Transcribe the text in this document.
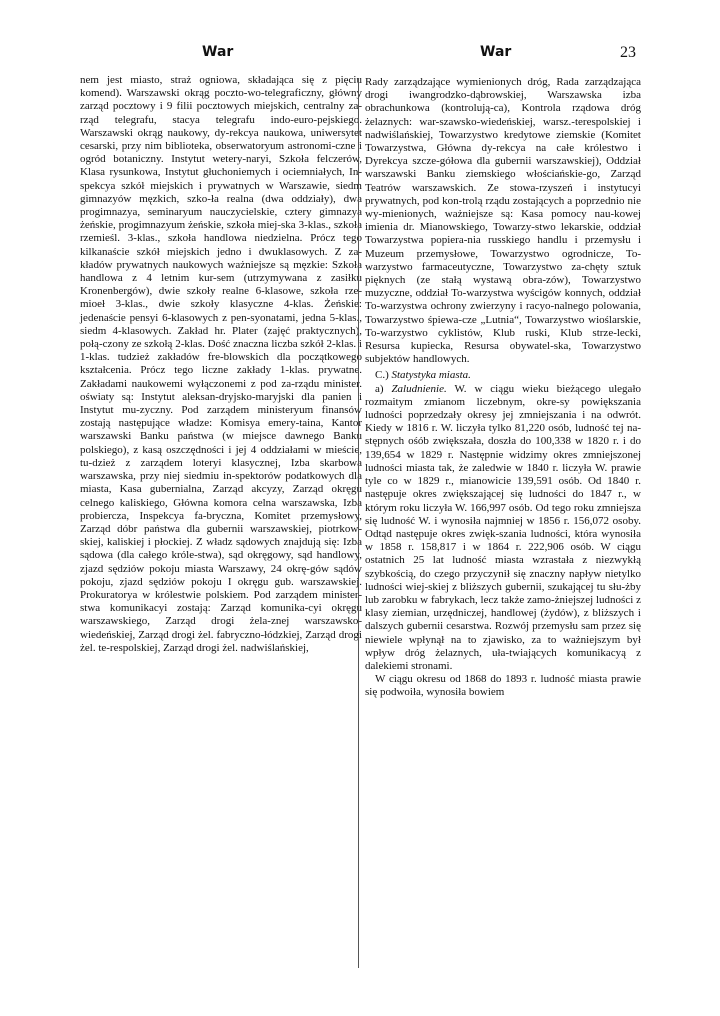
War	War	23

nem jest miasto, straż ogniowa, składająca się z pięciu komend). Warszawski okrąg poczto-wo-telegraficzny, główny zarząd pocztowy i 9 filii pocztowych miejskich, centralny za-rząd telegrafu, stacya telegrafu indo-euro-pejskiego. Warszawski okrąg naukowy, dy-rekcya naukowa, uniwersytet cesarski, przy nim biblioteka, obserwatoryum astronomi-czne i ogród botaniczny. Instytut wetery-naryi, Szkoła felczerów, Klasa rysunkowa, Instytut głuchoniemych i ociemniałych, In-spekcya szkół miejskich i prywatnych w Warszawie, siedm gimnazyów męzkich, szko-ła realna (dwa oddziały), dwa progimnazya, seminaryum nauczycielskie, cztery gimnazya żeńskie, progimnazyum żeńskie, szkoła miej-ska 3-klas., szkoła rzemieśl. 3-klas., szkoła handlowa niedzielna. Prócz tego kilkanaście szkół miejskich jedno i dwuklasowych. Z za-kładów prywatnych naukowych ważniejsze są męzkie: Szkoła handlowa z 4 letnim kur-sem (utrzymywana z zasiłku Kronenbergów), dwie szkoły realne 6-klasowe, szkoła rze-mioeł 3-klas., dwie szkoły klasyczne 4-klas. Żeńskie: jedenaście pensyi 6-klasowych z pen-syonatami, jedna 5-klas., siedm 4-klasowych. Zakład hr. Plater (zajęć praktycznych), połą-czony ze szkołą 2-klas. Dość znaczna liczba szkół 2-klas. i 1-klas. tudzież zakładów fre-blowskich dla początkowego kształcenia. Prócz tego liczne zakłady 1-klas. prywatne. Zakładami naukowemi wyłączonemi z pod za-rządu minister. oświaty są: Instytut aleksan-dryjsko-maryjski dla panien i Instytut mu-zyczny. Pod zarządem ministeryum finansów zostają następujące władze: Komisya emery-taina, Kantor warszawski Banku państwa (w miejsce dawnego Banku polskiego), z kasą oszczędności i jej 4 oddziałami w mieście, tu-dzież z zarządem loteryi klasycznej, Izba skarbowa warszawska, przy niej siedmiu in-spektorów podatkowych dla miasta, Kasa gubernialna, Zarząd akcyzy, Zarząd okręgu celnego kaliskiego, Główna komora celna warszawska, Izba probiercza, Inspekcya fa-bryczna, Komitet przemysłowy, Zarząd dóbr państwa dla gubernii warszawskiej, piotrkow-skiej, kaliskiej i płockiej. Z władz sądowych znajdują się: Izba sądowa (dla całego króle-stwa), sąd okręgowy, sąd handlowy, zjazd sędziów pokoju miasta Warszawy, 24 okrę-gów sądów pokoju, zjazd sędziów pokoju I okręgu gub. warszawskiej. Prokuratorya w królestwie polskiem. Pod zarządem minister-stwa komunikacyi zostają: Zarząd komunika-cyi okręgu warszawskiego, Zarząd drogi żela-znej warszawsko-wiedeńskiej, Zarząd drogi żel. fabryczno-łódzkiej, Zarząd drogi żel. te-respolskiej, Zarząd drogi żel. nadwiślańskiej,

Rady zarządzające wymienionych dróg, Rada zarządzająca drogi iwangrodzko-dąbrowskiej, Warszawska izba obrachunkowa (kontrolują-ca), Kontrola rządowa dróg żelaznych: war-szawsko-wiedeńskiej, warsz.-terespolskiej i nadwiślańskiej, Towarzystwo kredytowe ziemskie (Komitet Towarzystwa, Główna dy-rekcya na całe królestwo i Dyrekcya szcze-gółowa dla gubernii warszawskiej), Oddział warszawski Banku ziemskiego włościańskie-go, Zarząd Teatrów warszawskich. Ze stowa-rzyszeń i instytucyi prywatnych, pod kon-trolą rządu zostających a poprzednio nie wy-mienionych, ważniejsze są: Kasa pomocy nau-kowej imienia dr. Mianowskiego, Towarzy-stwo lekarskie, oddział Towarzystwa popiera-nia russkiego handlu i przemysłu i Muzeum przemysłowe, Towarzystwo ogrodnicze, To-warzystwo farmaceutyczne, Towarzystwo za-chęty sztuk pięknych (ze stałą wystawą obra-zów), Towarzystwo muzyczne, oddział To-warzystwa wyścigów konnych, oddział To-warzystwa ochrony zwierzyny i racyo-nalnego polowania, Towarzystwo śpiewa-cze „Lutnia“, Towarzystwo wioślarskie, To-warzystwo cyklistów, Klub ruski, Klub strze-lecki, Resursa kupiecka, Resursa obywatel-ska, Towarzystwo subjektów handlowych.

C.) Statystyka miasta.

a) Zaludnienie. W. w ciągu wieku bieżącego ulegało rozmaitym zmianom liczebnym, okre-sy powiększania ludności poprzedzały okresy jej zmniejszania i na odwrót. Kiedy w 1816 r. W. liczyła tylko 81,220 osób, ludność tej na-stępnych ośób zwiększała, doszła do 100,338 w 1820 r. i do 139,654 w 1829 r. Następnie widzimy okres zmniejszonej ludności miasta tak, że zaledwie w 1840 r. liczyła W. prawie tyle co w 1829 r., mianowicie 139,591 osób. Od 1840 r. następuje okres zwiększającej się ludności do 1847 r., w którym roku liczyła W. 166,997 osób. Od tego roku zmniejsza się ludność W. i wynosiła najmniej w 1856 r. 156,072 osoby. Odtąd następuje okres zwięk-szania ludności, która wynosiła w 1858 r. 158,817 i w 1864 r. 222,906 osób. W ciągu ostatnich 25 lat ludność miasta wzrastała z niezwykłą szybkością, do czego przyczynił się znaczny napływ nietylko ludności wiej-skiej z bliższych gubernii, szukającej tu słu-żby lub zarobku w fabrykach, lecz także zamo-żniejszej ludności z klasy ziemian, urzędniczej, handlowej (żydów), z bliższych i dalszych gubernii cesarstwa. Rozwój przemysłu sam przez się niewiele wpłynął na to zjawisko, za to ważniejszym był wpływ dróg żelaznych, uła-twiających komunikacyą z dalekiemi stronami.

W ciągu okresu od 1868 do 1893 r. ludność miasta prawie się podwoiła, wynosiła bowiem
